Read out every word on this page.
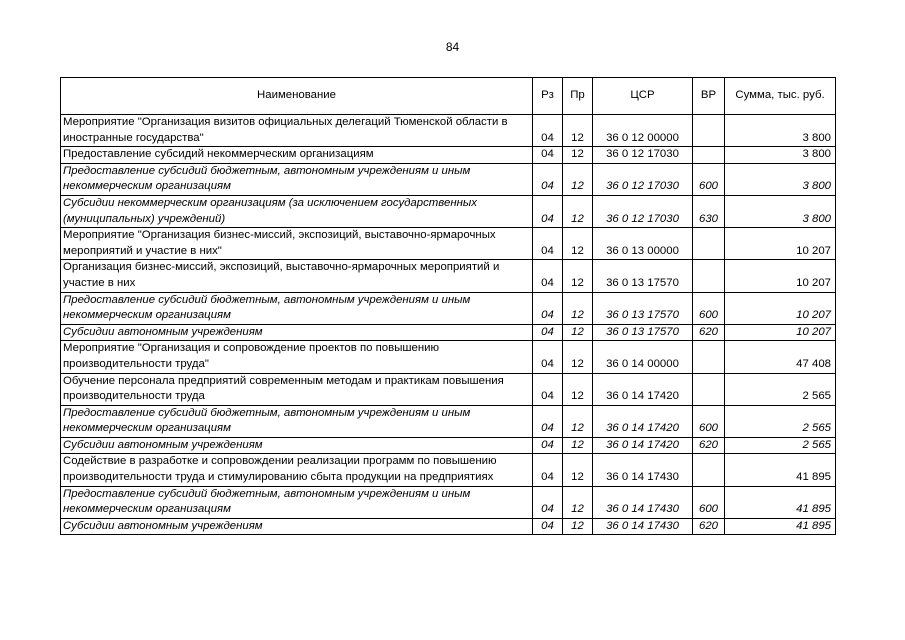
84
Наименование	Рз	Пр	ЦСР	ВР	Сумма, тыс. руб.
Мероприятие "Организация визитов официальных делегаций Тюменской области в иностранные государства"	04	12	36 0 12 00000		3 800
Предоставление субсидий некоммерческим организациям	04	12	36 0 12 17030		3 800
Предоставление субсидий бюджетным, автономным учреждениям и иным некоммерческим организациям	04	12	36 0 12 17030	600	3 800
Субсидии некоммерческим организациям (за исключением государственных (муниципальных) учреждений)	04	12	36 0 12 17030	630	3 800
Мероприятие "Организация бизнес-миссий, экспозиций, выставочно-ярмарочных мероприятий и участие в них"	04	12	36 0 13 00000		10 207
Организация бизнес-миссий, экспозиций, выставочно-ярмарочных мероприятий и участие в них	04	12	36 0 13 17570		10 207
Предоставление субсидий бюджетным, автономным учреждениям и иным некоммерческим организациям	04	12	36 0 13 17570	600	10 207
Субсидии автономным учреждениям	04	12	36 0 13 17570	620	10 207
Мероприятие "Организация и сопровождение проектов по повышению производительности труда"	04	12	36 0 14 00000		47 408
Обучение персонала предприятий современным методам и практикам повышения производительности труда	04	12	36 0 14 17420		2 565
Предоставление субсидий бюджетным, автономным учреждениям и иным некоммерческим организациям	04	12	36 0 14 17420	600	2 565
Субсидии автономным учреждениям	04	12	36 0 14 17420	620	2 565
Содействие в разработке и сопровождении реализации программ по повышению производительности труда и стимулированию сбыта продукции на предприятиях	04	12	36 0 14 17430		41 895
Предоставление субсидий бюджетным, автономным учреждениям и иным некоммерческим организациям	04	12	36 0 14 17430	600	41 895
Субсидии автономным учреждениям	04	12	36 0 14 17430	620	41 895
